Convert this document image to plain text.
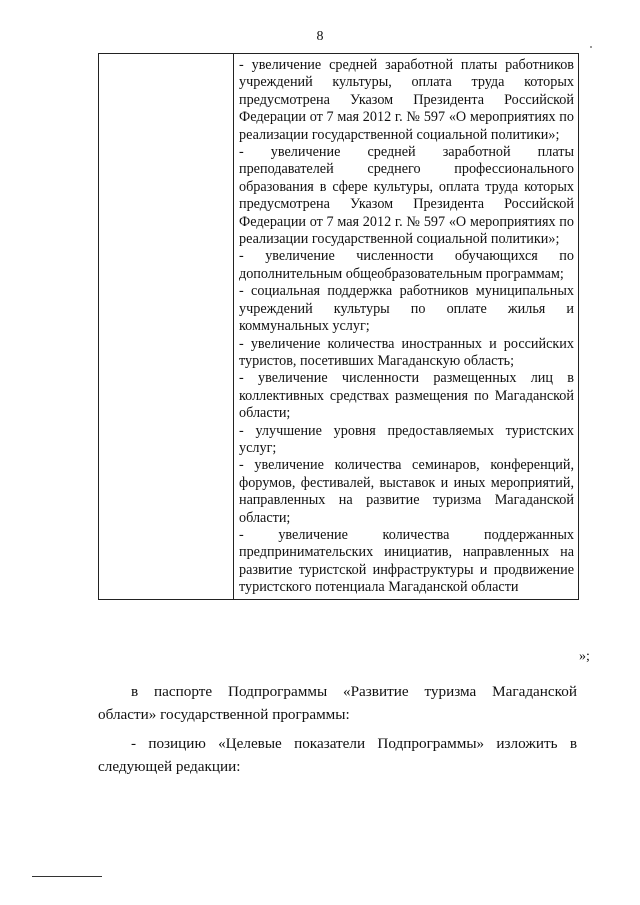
8

- увеличение средней заработной платы работников учреждений культуры, оплата труда которых предусмотрена Указом Президента Российской Федерации от 7 мая 2012 г. № 597 «О мероприятиях по реализации государственной социальной политики»;

- увеличение средней заработной платы преподавателей среднего профессионального образования в сфере культуры, оплата труда которых предусмотрена Указом Президента Российской Федерации от 7 мая 2012 г. № 597 «О мероприятиях по реализации государственной социальной политики»;

- увеличение численности обучающихся по дополнительным общеобразовательным программам;

- социальная поддержка работников муниципальных учреждений культуры по оплате жилья и коммунальных услуг;

- увеличение количества иностранных и российских туристов, посетивших Магаданскую область;

- увеличение численности размещенных лиц в коллективных средствах размещения по Магаданской области;

- улучшение уровня предоставляемых туристских услуг;

- увеличение количества семинаров, конференций, форумов, фестивалей, выставок и иных мероприятий, направленных на развитие туризма Магаданской области;

- увеличение количества поддержанных предпринимательских инициатив, направленных на развитие туристской инфраструктуры и продвижение туристского потенциала Магаданской области

»;

в паспорте Подпрограммы «Развитие туризма Магаданской области» государственной программы:

- позицию «Целевые показатели Подпрограммы» изложить в следующей редакции:
